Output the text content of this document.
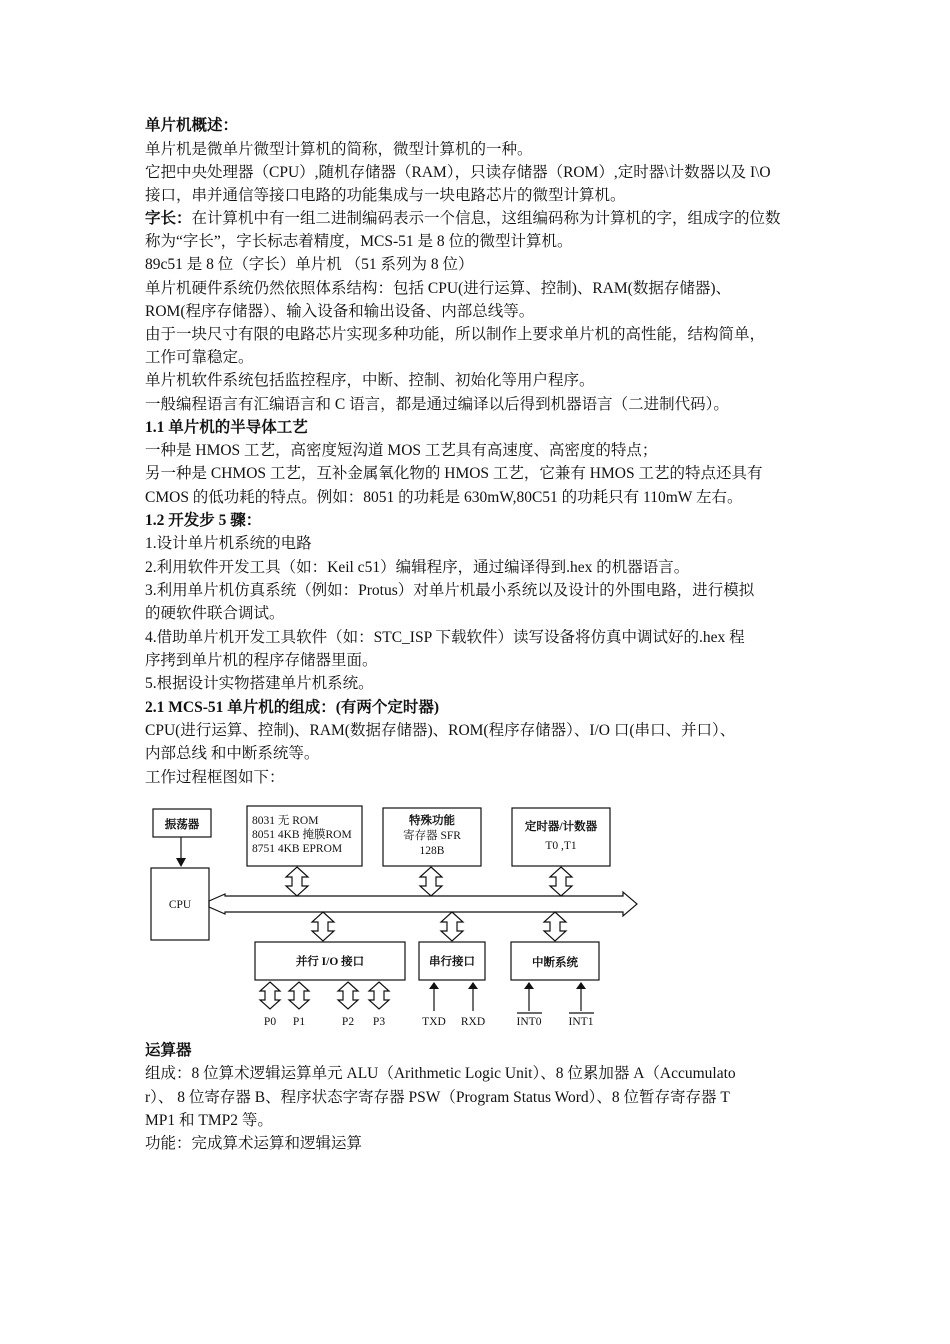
单片机概述：
单片机是微单片微型计算机的简称，微型计算机的一种。
它把中央处理器（CPU）,随机存储器（RAM），只读存储器（ROM）,定时器\计数器以及 I\O
接口，串并通信等接口电路的功能集成与一块电路芯片的微型计算机。
字长：在计算机中有一组二进制编码表示一个信息，这组编码称为计算机的字，组成字的位数
称为“字长”，字长标志着精度，MCS-51 是 8 位的微型计算机。
89c51 是 8 位（字长）单片机 （51 系列为 8 位）
单片机硬件系统仍然依照体系结构：包括 CPU(进行运算、控制)、RAM(数据存储器)、
ROM(程序存储器）、输入设备和输出设备、内部总线等。
由于一块尺寸有限的电路芯片实现多种功能，所以制作上要求单片机的高性能，结构简单，
工作可靠稳定。
单片机软件系统包括监控程序，中断、控制、初始化等用户程序。
一般编程语言有汇编语言和 C 语言，都是通过编译以后得到机器语言（二进制代码）。
1.1 单片机的半导体工艺
一种是 HMOS 工艺，高密度短沟道 MOS 工艺具有高速度、高密度的特点；
另一种是 CHMOS 工艺，互补金属氧化物的 HMOS 工艺，它兼有 HMOS 工艺的特点还具有
CMOS 的低功耗的特点。例如：8051 的功耗是 630mW,80C51 的功耗只有 110mW 左右。
1.2 开发步 5 骤：
1.设计单片机系统的电路
2.利用软件开发工具（如：Keil c51）编辑程序，通过编译得到.hex 的机器语言。
3.利用单片机仿真系统（例如：Protus）对单片机最小系统以及设计的外围电路，进行模拟
的硬软件联合调试。
4.借助单片机开发工具软件（如：STC_ISP 下载软件）读写设备将仿真中调试好的.hex 程
序拷到单片机的程序存储器里面。
5.根据设计实物搭建单片机系统。
2.1 MCS-51 单片机的组成：(有两个定时器)
CPU(进行运算、控制)、RAM(数据存储器)、ROM(程序存储器）、I/O 口(串口、并口）、
内部总线 和中断系统等。
工作过程框图如下：
运算器
组成：8 位算术逻辑运算单元 ALU（Arithmetic Logic Unit）、8 位累加器 A（Accumulato
r）、 8 位寄存器 B、程序状态字寄存器 PSW（Program Status Word）、8 位暂存寄存器 T
MP1 和 TMP2 等。
功能：完成算术运算和逻辑运算
振荡器
CPU
8031 无 ROM
8051 4KB 掩膜ROM
8751 4KB EPROM
特殊功能
寄存器 SFR
128B
定时器/计数器
T0 ,T1
并行 I/O 接口	串行接口	中断系统
P0 P1	P2 P3	TXD RXD	INT0 INT1
